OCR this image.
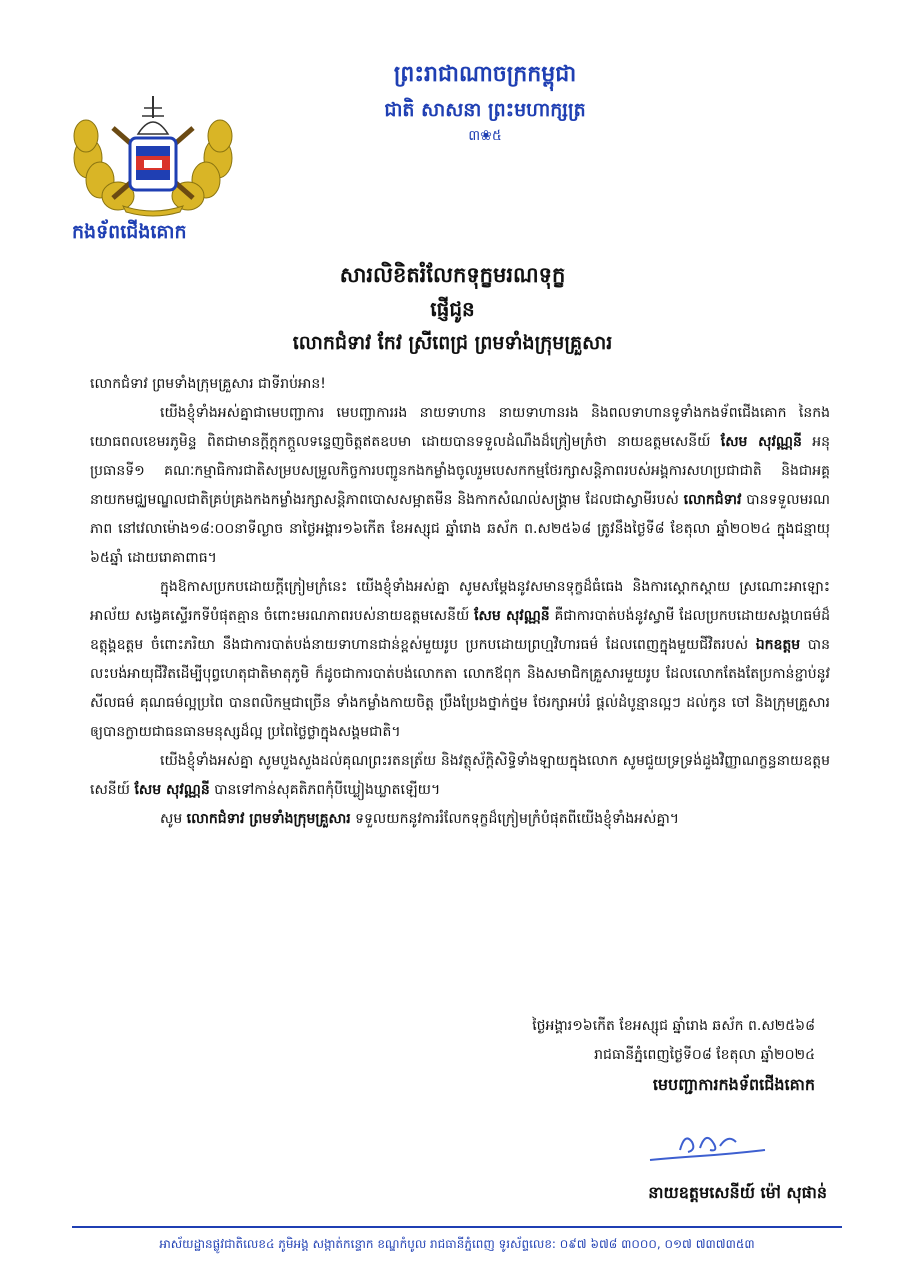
ព្រះរាជាណាចក្រកម្ពុជា
ជាតិ សាសនា ព្រះមហាក្សត្រ
៣❀៥
កងទ័ពជើងគោក
សារលិខិតរំលែកទុក្ខមរណទុក្ខ
ផ្ញើជូន
លោកជំទាវ កែវ ស្រីពេជ្រ ព្រមទាំងក្រុមគ្រួសារ
លោកជំទាវ ព្រមទាំងក្រុមគ្រួសារ ជាទីរាប់អាន!

យើងខ្ញុំទាំងអស់គ្នាជាមេបញ្ជាការ មេបញ្ជាការរង នាយទាហាន នាយទាហានរង និងពលទាហានទូទាំងកងទ័ពជើងគោក នៃកងយោធពលខេមរភូមិន្ទ ពិតជាមានក្ដីក្ដុកក្ដួលទន្ទេញចិត្តឥតឧបមា ដោយបានទទួលដំណឹងដ៏ក្រៀមក្រំថា នាយឧត្តមសេនីយ៍ សែម សុវណ្ណនី អនុប្រធានទី១ គណៈកម្មាធិការជាតិសម្របសម្រួលកិច្ចការបញ្ជូនកងកម្លាំងចូលរួមបេសកកម្មថែរក្សាសន្តិភាពរបស់អង្គការសហប្រជាជាតិ និងជាអគ្គនាយកមជ្ឈមណ្ឌលជាតិគ្រប់គ្រងកងកម្លាំងរក្សាសន្តិភាពបោសសម្អាតមីន និងកាកសំណល់សង្គ្រាម ដែលជាស្វាមីរបស់ លោកជំទាវ បានទទួលមរណភាព នៅវេលាម៉ោង១៨:០០នាទីល្ងាច នាថ្ងៃអង្គារ១៦កើត ខែអស្សុជ ឆ្នាំរោង ឆស័ក ព.ស២៥៦៨ ត្រូវនឹងថ្ងៃទី៨ ខែតុលា ឆ្នាំ២០២៤ ក្នុងជន្មាយុ ៦៥ឆ្នាំ ដោយរោគាពាធ។

ក្នុងឱកាសប្រកបដោយក្ដីក្រៀមក្រំនេះ យើងខ្ញុំទាំងអស់គ្នា សូមសម្ដែងនូវសមានទុក្ខដ៏ធំធេង និងការស្ដោកស្ដាយ ស្រណោះអាឡោះអាល័យ សង្វេគស្ទើរកទីបំផុតគ្មាន ចំពោះមរណភាពរបស់នាយឧត្តមសេនីយ៍ សែម សុវណ្ណនី គឺជាការបាត់បង់នូវស្វាមី ដែលប្រកបដោយសង្គហធម៌ដ៏ឧត្តុង្គឧត្តម ចំពោះភរិយា នឹងជាការបាត់បង់នាយទាហានជាន់ខ្ពស់មួយរូប ប្រកបដោយព្រហ្មវិហារធម៌ ដែលពេញក្នុងមួយជីវិតរបស់ ឯកឧត្តម បានលះបង់អាយុជីវិតដើម្បីបុព្វហេតុជាតិមាតុភូមិ ក៏ដូចជាការបាត់បង់លោកតា លោកឪពុក និងសមាជិកគ្រួសារមួយរូប ដែលលោកតែងតែប្រកាន់ខ្ជាប់នូវសីលធម៌ គុណធម៌ល្អប្រពៃ បានពលិកម្មជាច្រើន ទាំងកម្លាំងកាយចិត្ត ប្រឹងប្រែងថ្នាក់ថ្នម ថែរក្សាអប់រំ ផ្ដល់ដំបូន្មានល្អៗ ដល់កូន ចៅ និងក្រុមគ្រួសារ ឲ្យបានក្លាយជាធនធានមនុស្សដ៏ល្អ ប្រពៃថ្លៃថ្លាក្នុងសង្គមជាតិ។

យើងខ្ញុំទាំងអស់គ្នា សូមបួងសួងដល់គុណព្រះរតនត្រ័យ និងវត្ថុស័ក្តិសិទ្ធិទាំងឡាយក្នុងលោក សូមជួយទ្រទ្រង់ដួងវិញ្ញាណក្ខន្ធនាយឧត្តមសេនីយ៍ សែម សុវណ្ណនី បានទៅកាន់សុគតិភពកុំបីឃ្លៀងឃ្លាតឡើយ។

សូម លោកជំទាវ ព្រមទាំងក្រុមគ្រួសារ ទទួលយកនូវការរំលែកទុក្ខដ៏ក្រៀមក្រំបំផុតពីយើងខ្ញុំទាំងអស់គ្នា។

ថ្ងៃអង្គារ១៦កើត ខែអស្សុជ ឆ្នាំរោង ឆស័ក ព.ស២៥៦៨
រាជធានីភ្នំពេញថ្ងៃទី០៨ ខែតុលា ឆ្នាំ២០២៤
មេបញ្ជាការកងទ័ពជើងគោក
នាយឧត្តមសេនីយ៍ ម៉ៅ សុផាន់
អាស័យដ្ឋានផ្លូវជាតិលេខ៤ ភូមិអង្គ សង្កាត់កន្ទោក ខណ្ឌកំបូល រាជធានីភ្នំពេញ ទូរស័ព្ទលេខ: ០៩៧ ៦៧៨ ៣០០០, ០១៧ ៧៣៧៣៥៣
